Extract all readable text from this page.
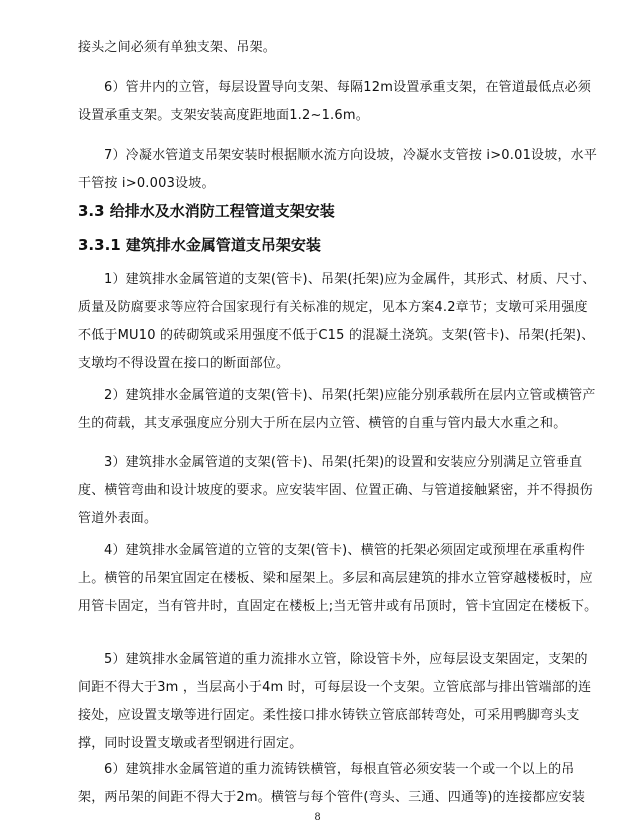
接头之间必须有单独支架、吊架。

6）管井内的立管，每层设置导向支架、每隔12m设置承重支架，在管道最低点必须设置承重支架。支架安装高度距地面1.2~1.6m。

7）冷凝水管道支吊架安装时根据顺水流方向设坡，冷凝水支管按 i>0.01设坡，水平干管按 i>0.003设坡。

3.3 给排水及水消防工程管道支架安装
3.3.1 建筑排水金属管道支吊架安装

1）建筑排水金属管道的支架(管卡)、吊架(托架)应为金属件，其形式、材质、尺寸、质量及防腐要求等应符合国家现行有关标准的规定，见本方案4.2章节；支墩可采用强度不低于MU10 的砖砌筑或采用强度不低于C15 的混凝土浇筑。支架(管卡)、吊架(托架)、支墩均不得设置在接口的断面部位。

2）建筑排水金属管道的支架(管卡)、吊架(托架)应能分别承载所在层内立管或横管产生的荷载，其支承强度应分别大于所在层内立管、横管的自重与管内最大水重之和。

3）建筑排水金属管道的支架(管卡)、吊架(托架)的设置和安装应分别满足立管垂直度、横管弯曲和设计坡度的要求。应安装牢固、位置正确、与管道接触紧密，并不得损伤管道外表面。

4）建筑排水金属管道的立管的支架(管卡)、横管的托架必须固定或预埋在承重构件上。横管的吊架宜固定在楼板、梁和屋架上。多层和高层建筑的排水立管穿越楼板时，应用管卡固定，当有管井时，直固定在楼板上;当无管井或有吊顶时，管卡宜固定在楼板下。

5）建筑排水金属管道的重力流排水立管，除设管卡外，应每层设支架固定，支架的间距不得大于3m ，当层高小于4m 时，可每层设一个支架。立管底部与排出管端部的连接处，应设置支墩等进行固定。柔性接口排水铸铁立管底部转弯处，可采用鸭脚弯头支撑，同时设置支墩或者型钢进行固定。

6）建筑排水金属管道的重力流铸铁横管，每根直管必须安装一个或一个以上的吊架，两吊架的间距不得大于2m。横管与每个管件(弯头、三通、四通等)的连接都应安装

8
